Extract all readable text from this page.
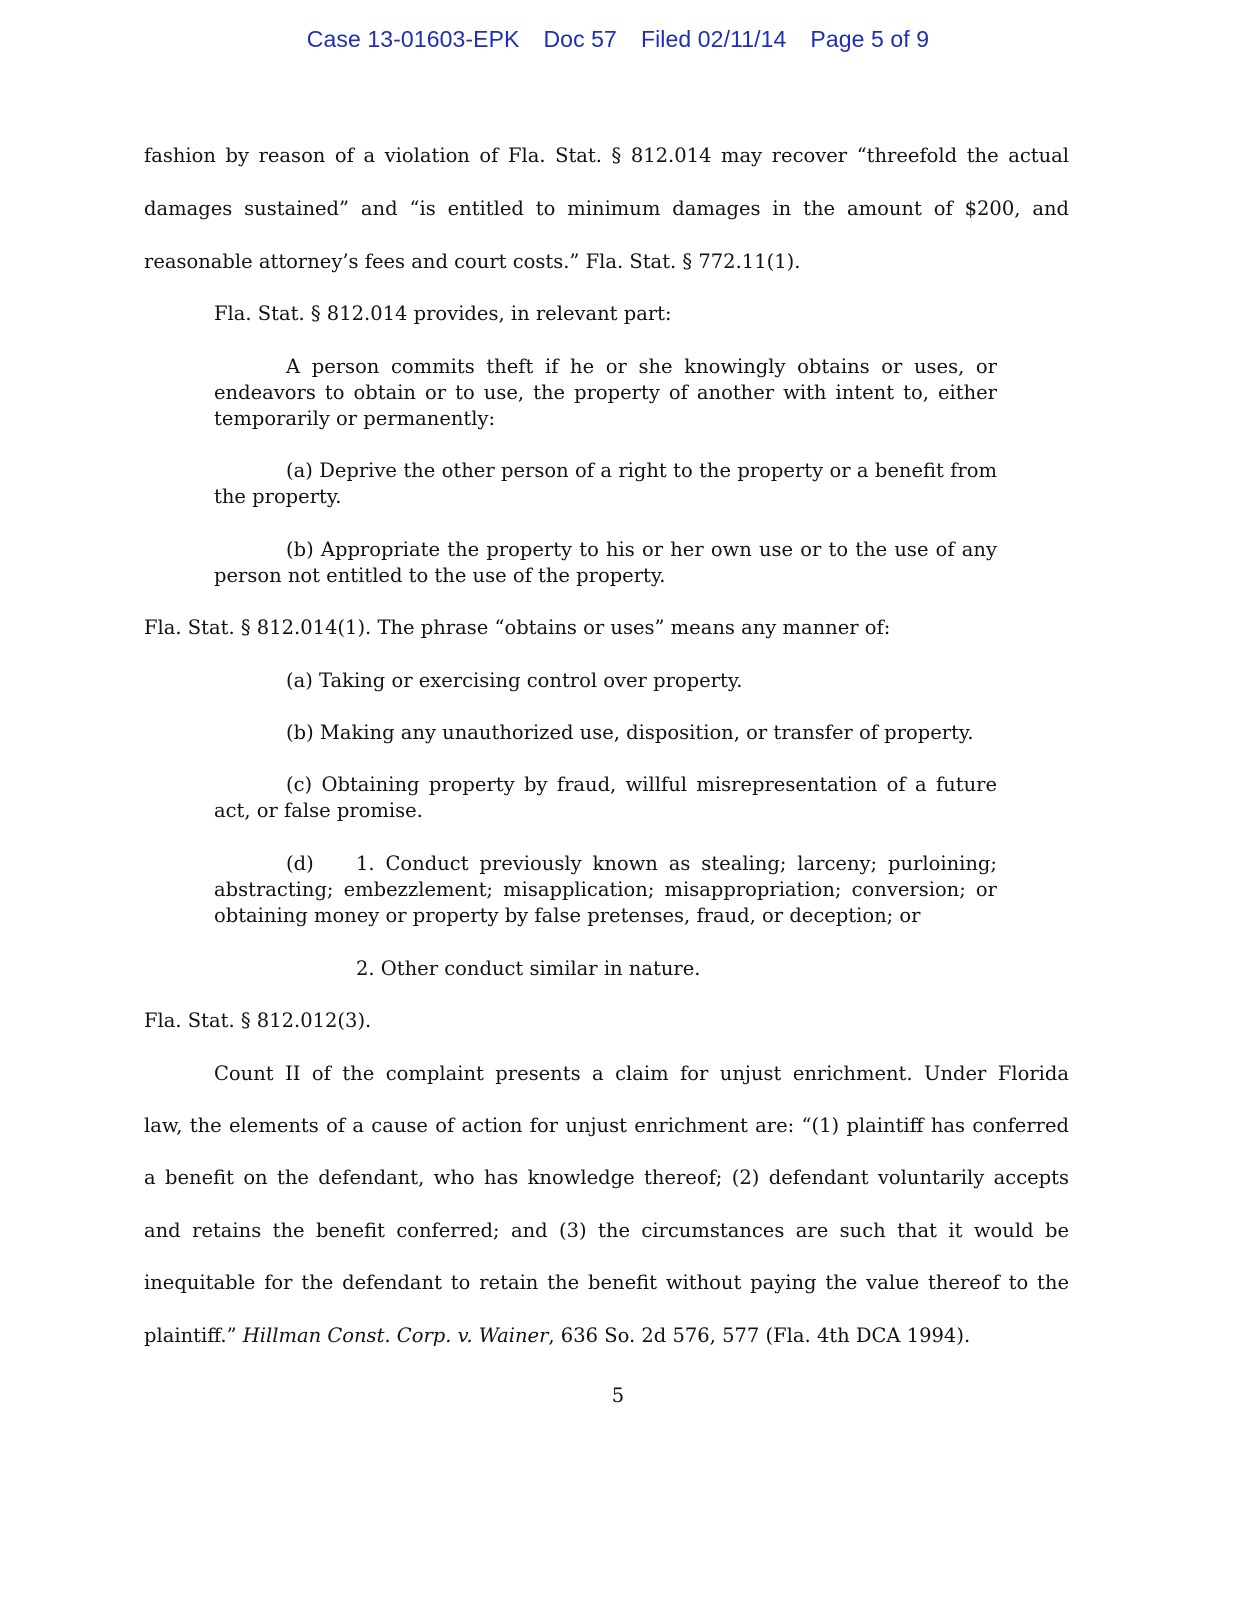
Case 13-01603-EPK Doc 57 Filed 02/11/14 Page 5 of 9
fashion by reason of a violation of Fla. Stat. § 812.014 may recover “threefold the actual
damages sustained” and “is entitled to minimum damages in the amount of $200, and
reasonable attorney’s fees and court costs.” Fla. Stat. § 772.11(1).
Fla. Stat. § 812.014 provides, in relevant part:
A person commits theft if he or she knowingly obtains or uses, or
endeavors to obtain or to use, the property of another with intent to, either
temporarily or permanently:
(a) Deprive the other person of a right to the property or a benefit from
the property.
(b) Appropriate the property to his or her own use or to the use of any
person not entitled to the use of the property.
Fla. Stat. § 812.014(1). The phrase “obtains or uses” means any manner of:
(a) Taking or exercising control over property.
(b) Making any unauthorized use, disposition, or transfer of property.
(c) Obtaining property by fraud, willful misrepresentation of a future
act, or false promise.
(d) 1. Conduct previously known as stealing; larceny; purloining;
abstracting; embezzlement; misapplication; misappropriation; conversion; or
obtaining money or property by false pretenses, fraud, or deception; or
2. Other conduct similar in nature.
Fla. Stat. § 812.012(3).
Count II of the complaint presents a claim for unjust enrichment. Under Florida
law, the elements of a cause of action for unjust enrichment are: “(1) plaintiff has conferred
a benefit on the defendant, who has knowledge thereof; (2) defendant voluntarily accepts
and retains the benefit conferred; and (3) the circumstances are such that it would be
inequitable for the defendant to retain the benefit without paying the value thereof to the
plaintiff.” Hillman Const. Corp. v. Wainer, 636 So. 2d 576, 577 (Fla. 4th DCA 1994).
5
